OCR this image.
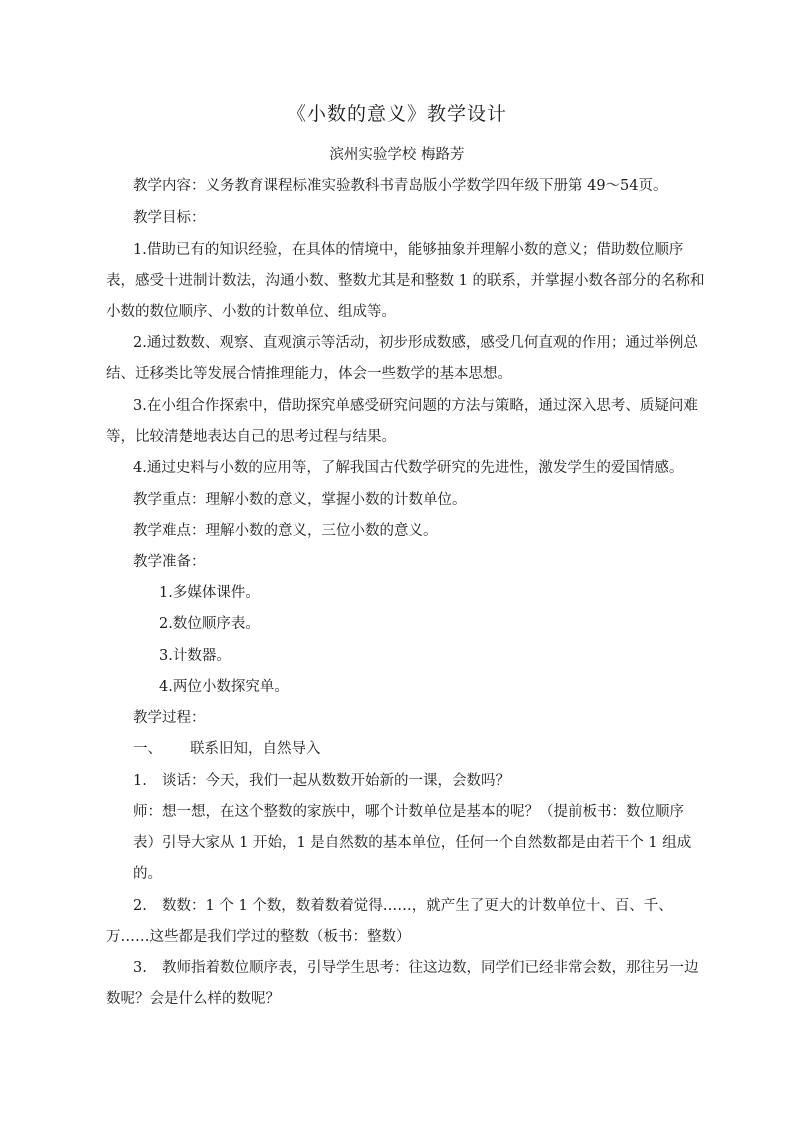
《小数的意义》教学设计
滨州实验学校 梅路芳
教学内容：义务教育课程标准实验教科书青岛版小学数学四年级下册第 49～54页。
教学目标：
1.借助已有的知识经验，在具体的情境中，能够抽象并理解小数的意义；借助数位顺序
表，感受十进制计数法，沟通小数、整数尤其是和整数 1 的联系，并掌握小数各部分的名称和
小数的数位顺序、小数的计数单位、组成等。
2.通过数数、观察、直观演示等活动，初步形成数感，感受几何直观的作用；通过举例总
结、迁移类比等发展合情推理能力，体会一些数学的基本思想。
3.在小组合作探索中，借助探究单感受研究问题的方法与策略，通过深入思考、质疑问难
等，比较清楚地表达自己的思考过程与结果。
4.通过史料与小数的应用等，了解我国古代数学研究的先进性，激发学生的爱国情感。
教学重点：理解小数的意义，掌握小数的计数单位。
教学难点：理解小数的意义，三位小数的意义。
教学准备：
1.多媒体课件。
2.数位顺序表。
3.计数器。
4.两位小数探究单。
教学过程：
一、 联系旧知，自然导入
1. 谈话：今天，我们一起从数数开始新的一课，会数吗？
师：想一想，在这个整数的家族中，哪个计数单位是基本的呢？（提前板书：数位顺序
表）引导大家从 1 开始，1 是自然数的基本单位，任何一个自然数都是由若干个 1 组成
的。
2. 数数：1 个 1 个数，数着数着觉得……，就产生了更大的计数单位十、百、千、
万……这些都是我们学过的整数（板书：整数）
3. 教师指着数位顺序表，引导学生思考：往这边数，同学们已经非常会数，那往另一边
数呢？会是什么样的数呢？
